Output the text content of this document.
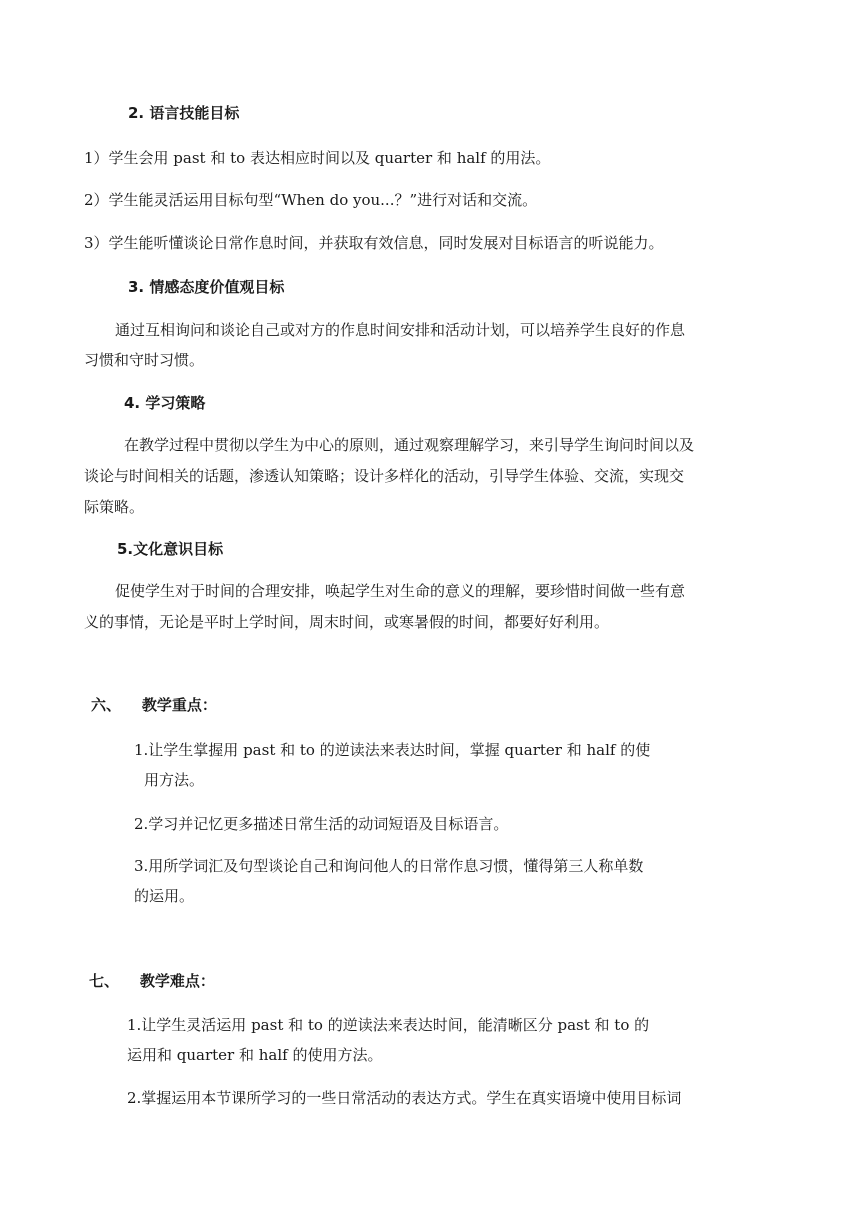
2. 语言技能目标
1）学生会用 past 和 to 表达相应时间以及 quarter 和 half 的用法。
2）学生能灵活运用目标句型“When do you...？”进行对话和交流。
3）学生能听懂谈论日常作息时间，并获取有效信息，同时发展对目标语言的听说能力。
3. 情感态度价值观目标
通过互相询问和谈论自己或对方的作息时间安排和活动计划，可以培养学生良好的作息
习惯和守时习惯。
4. 学习策略
在教学过程中贯彻以学生为中心的原则，通过观察理解学习，来引导学生询问时间以及
谈论与时间相关的话题，渗透认知策略；设计多样化的活动，引导学生体验、交流，实现交
际策略。
5.文化意识目标
促使学生对于时间的合理安排，唤起学生对生命的意义的理解，要珍惜时间做一些有意
义的事情，无论是平时上学时间，周末时间，或寒暑假的时间，都要好好利用。
六、    教学重点：
1.让学生掌握用 past 和 to 的逆读法来表达时间，掌握 quarter 和 half 的使
用方法。
2.学习并记忆更多描述日常生活的动词短语及目标语言。
3.用所学词汇及句型谈论自己和询问他人的日常作息习惯，懂得第三人称单数
的运用。
七、    教学难点：
1.让学生灵活运用 past 和 to 的逆读法来表达时间，能清晰区分 past 和 to 的
运用和 quarter 和 half 的使用方法。
2.掌握运用本节课所学习的一些日常活动的表达方式。学生在真实语境中使用目标词
